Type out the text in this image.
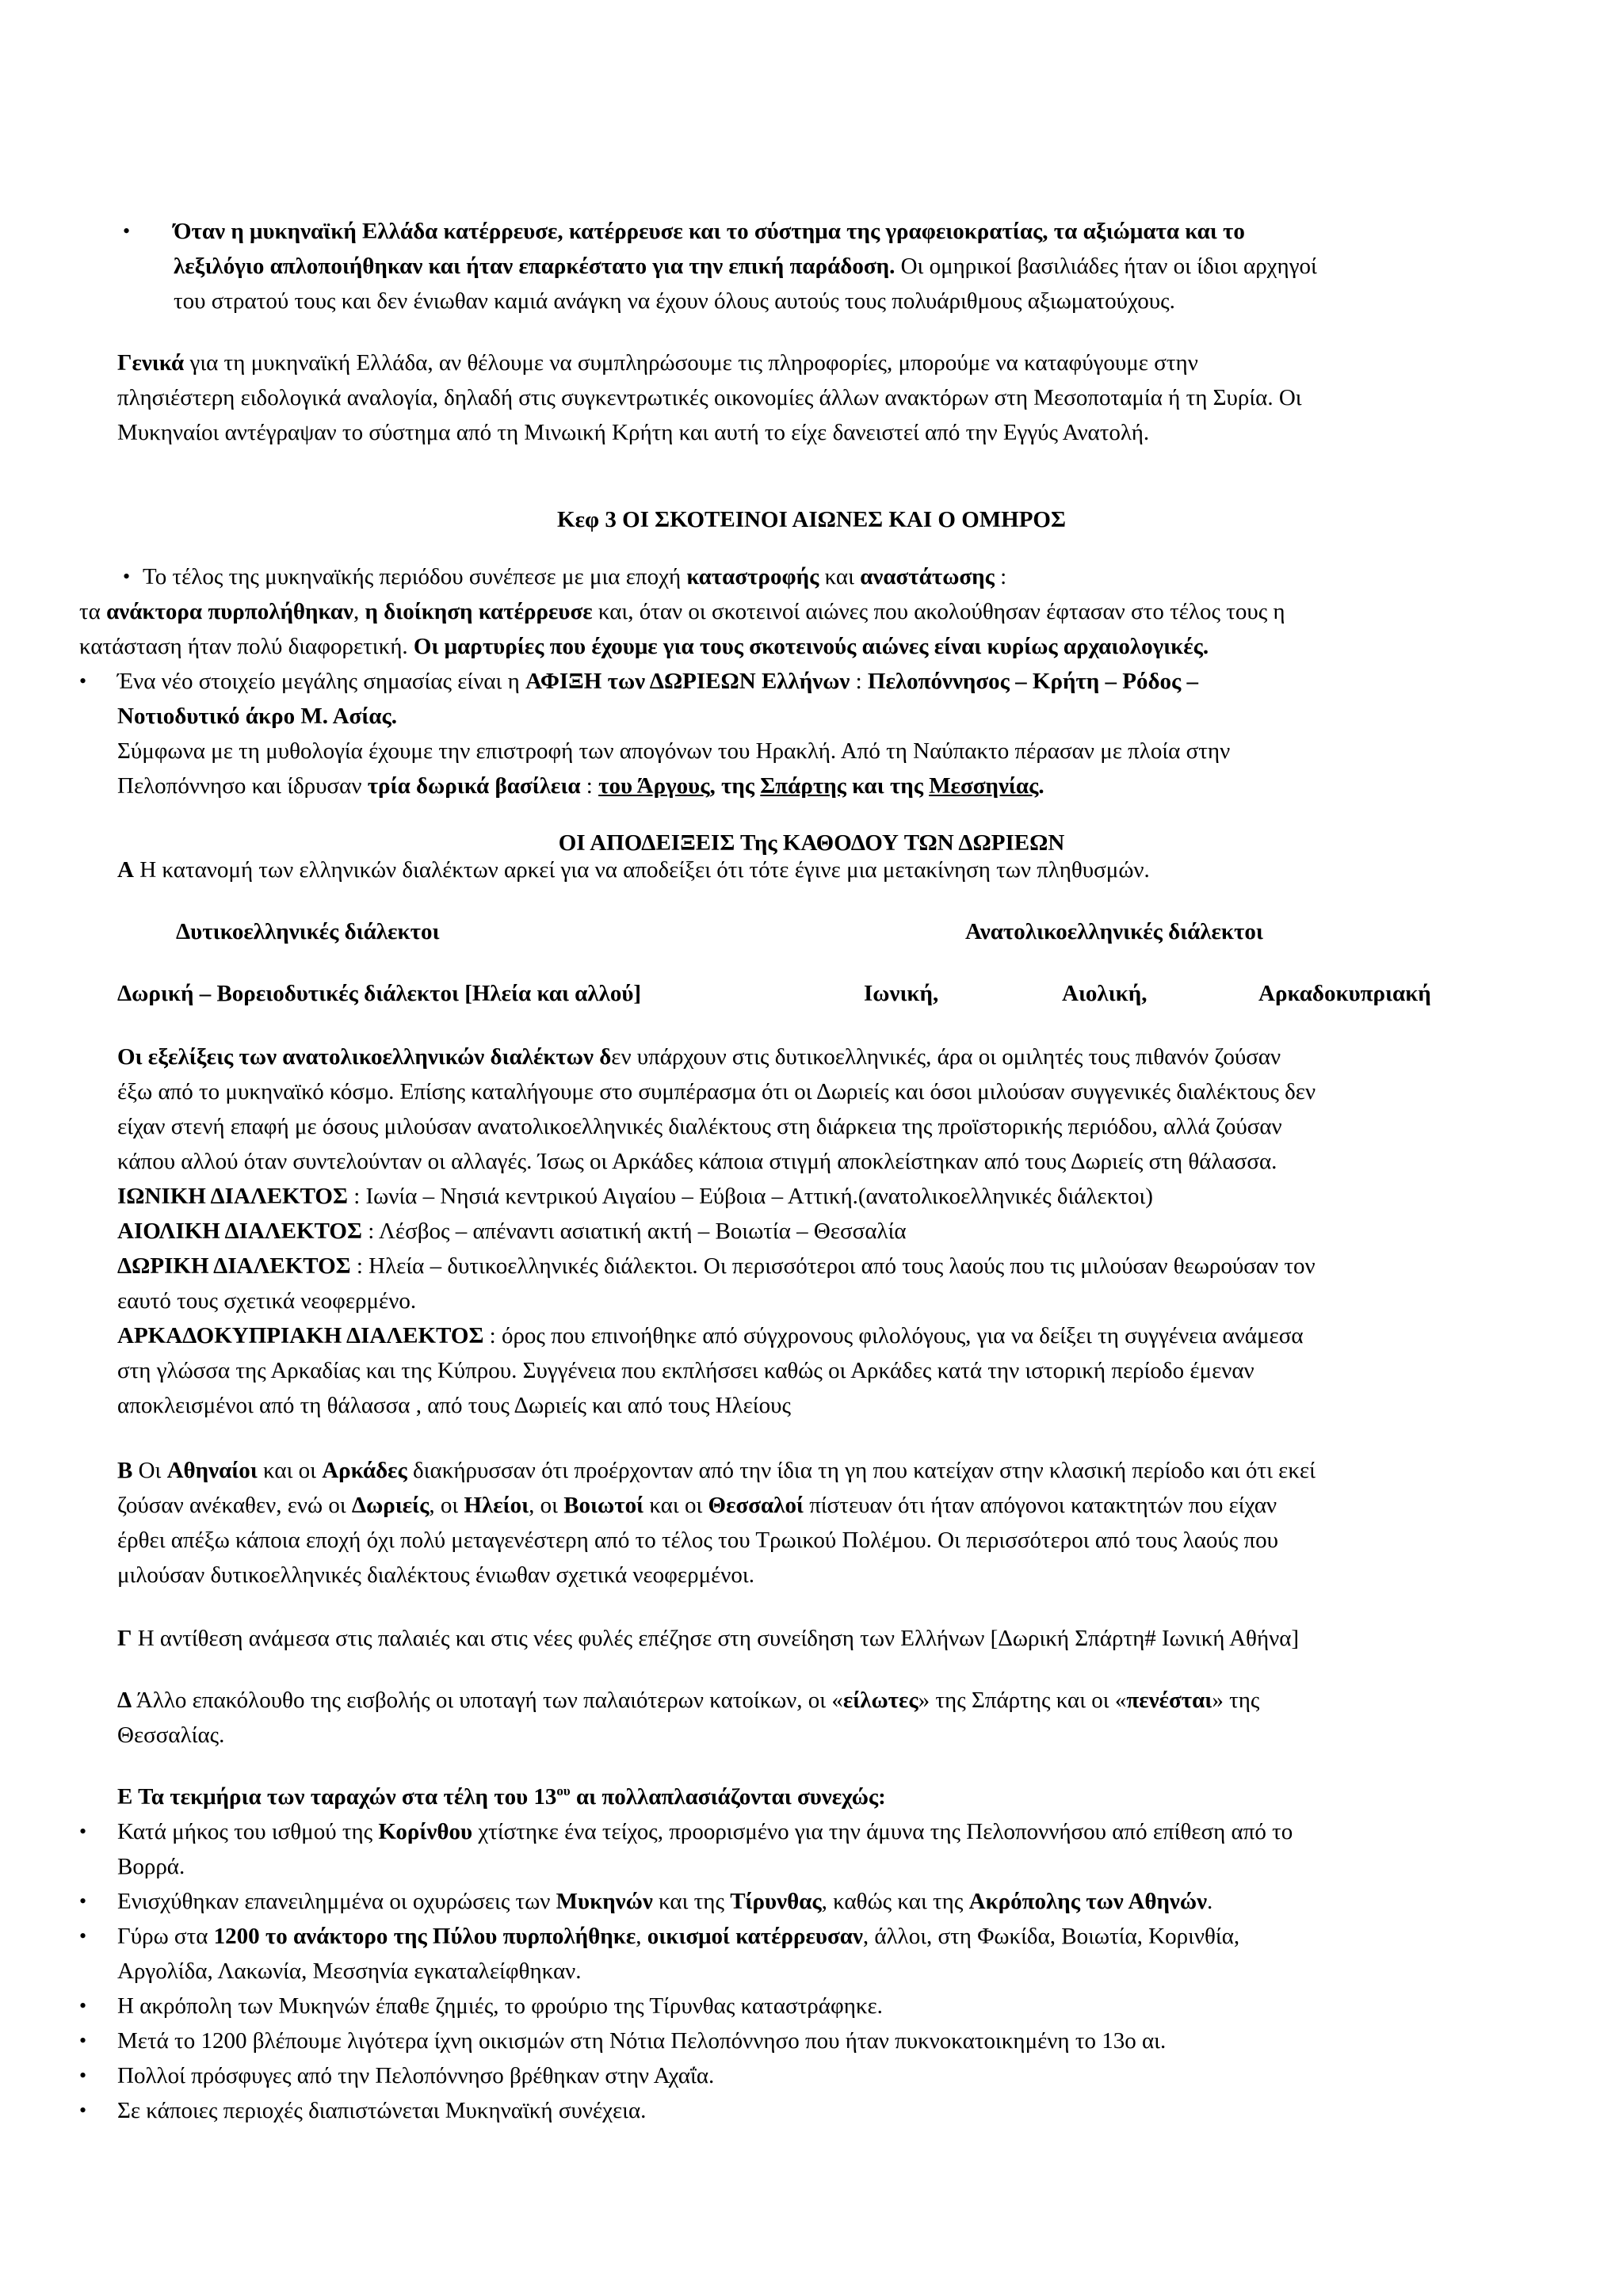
• Όταν η μυκηναϊκή Ελλάδα κατέρρευσε, κατέρρευσε και το σύστημα της γραφειοκρατίας, τα αξιώματα και το
λεξιλόγιο απλοποιήθηκαν και ήταν επαρκέστατο για την επική παράδοση. Οι ομηρικοί βασιλιάδες ήταν οι ίδιοι αρχηγοί
του στρατού τους και δεν ένιωθαν καμιά ανάγκη να έχουν όλους αυτούς τους πολυάριθμους αξιωματούχους.
Γενικά για τη μυκηναϊκή Ελλάδα, αν θέλουμε να συμπληρώσουμε τις πληροφορίες, μπορούμε να καταφύγουμε στην
πλησιέστερη ειδολογικά αναλογία, δηλαδή στις συγκεντρωτικές οικονομίες άλλων ανακτόρων στη Μεσοποταμία ή τη Συρία. Οι
Μυκηναίοι αντέγραψαν το σύστημα από τη Μινωική Κρήτη και αυτή το είχε δανειστεί από την Εγγύς Ανατολή.
Κεφ 3 ΟΙ ΣΚΟΤΕΙΝΟΙ ΑΙΩΝΕΣ ΚΑΙ Ο ΟΜΗΡΟΣ
• Το τέλος της μυκηναϊκής περιόδου συνέπεσε με μια εποχή καταστροφής και αναστάτωσης :
τα ανάκτορα πυρπολήθηκαν, η διοίκηση κατέρρευσε και, όταν οι σκοτεινοί αιώνες που ακολούθησαν έφτασαν στο τέλος τους η
κατάσταση ήταν πολύ διαφορετική. Οι μαρτυρίες που έχουμε για τους σκοτεινούς αιώνες είναι κυρίως αρχαιολογικές.
• Ένα νέο στοιχείο μεγάλης σημασίας είναι η ΑΦΙΞΗ των ΔΩΡΙΕΩΝ Ελλήνων : Πελοπόννησος – Κρήτη – Ρόδος –
Νοτιοδυτικό άκρο Μ. Ασίας.
Σύμφωνα με τη μυθολογία έχουμε την επιστροφή των απογόνων του Ηρακλή. Από τη Ναύπακτο πέρασαν με πλοία στην
Πελοπόννησο και ίδρυσαν τρία δωρικά βασίλεια : του Άργους, της Σπάρτης και της Μεσσηνίας.
ΟΙ ΑΠΟΔΕΙΞΕΙΣ Της ΚΑΘΟΔΟΥ ΤΩΝ ΔΩΡΙΕΩΝ
Α Η κατανομή των ελληνικών διαλέκτων αρκεί για να αποδείξει ότι τότε έγινε μια μετακίνηση των πληθυσμών.
Δυτικοελληνικές διάλεκτοι	Ανατολικοελληνικές διάλεκτοι
Δωρική – Βορειοδυτικές διάλεκτοι [Ηλεία και αλλού]	Ιωνική,	Αιολική,	Αρκαδοκυπριακή
Οι εξελίξεις των ανατολικοελληνικών διαλέκτων δεν υπάρχουν στις δυτικοελληνικές, άρα οι ομιλητές τους πιθανόν ζούσαν
έξω από το μυκηναϊκό κόσμο. Επίσης καταλήγουμε στο συμπέρασμα ότι οι Δωριείς και όσοι μιλούσαν συγγενικές διαλέκτους δεν
είχαν στενή επαφή με όσους μιλούσαν ανατολικοελληνικές διαλέκτους στη διάρκεια της προϊστορικής περιόδου, αλλά ζούσαν
κάπου αλλού όταν συντελούνταν οι αλλαγές. Ίσως οι Αρκάδες κάποια στιγμή αποκλείστηκαν από τους Δωριείς στη θάλασσα.
ΙΩΝΙΚΗ ΔΙΑΛΕΚΤΟΣ : Ιωνία – Νησιά κεντρικού Αιγαίου – Εύβοια – Αττική.(ανατολικοελληνικές διάλεκτοι)
ΑΙΟΛΙΚΗ ΔΙΑΛΕΚΤΟΣ : Λέσβος – απέναντι ασιατική ακτή – Βοιωτία – Θεσσαλία
ΔΩΡΙΚΗ ΔΙΑΛΕΚΤΟΣ : Ηλεία – δυτικοελληνικές διάλεκτοι. Οι περισσότεροι από τους λαούς που τις μιλούσαν θεωρούσαν τον
εαυτό τους σχετικά νεοφερμένο.
ΑΡΚΑΔΟΚΥΠΡΙΑΚΗ ΔΙΑΛΕΚΤΟΣ : όρος που επινοήθηκε από σύγχρονους φιλολόγους, για να δείξει τη συγγένεια ανάμεσα
στη γλώσσα της Αρκαδίας και της Κύπρου. Συγγένεια που εκπλήσσει καθώς οι Αρκάδες κατά την ιστορική περίοδο έμεναν
αποκλεισμένοι από τη θάλασσα , από τους Δωριείς και από τους Ηλείους
Β Οι Αθηναίοι και οι Αρκάδες διακήρυσσαν ότι προέρχονταν από την ίδια τη γη που κατείχαν στην κλασική περίοδο και ότι εκεί
ζούσαν ανέκαθεν, ενώ οι Δωριείς, οι Ηλείοι, οι Βοιωτοί και οι Θεσσαλοί πίστευαν ότι ήταν απόγονοι κατακτητών που είχαν
έρθει απέξω κάποια εποχή όχι πολύ μεταγενέστερη από το τέλος του Τρωικού Πολέμου. Οι περισσότεροι από τους λαούς που
μιλούσαν δυτικοελληνικές διαλέκτους ένιωθαν σχετικά νεοφερμένοι.
Γ Η αντίθεση ανάμεσα στις παλαιές και στις νέες φυλές επέζησε στη συνείδηση των Ελλήνων [Δωρική Σπάρτη# Ιωνική Αθήνα]
Δ Άλλο επακόλουθο της εισβολής οι υποταγή των παλαιότερων κατοίκων, οι «είλωτες» της Σπάρτης και οι «πενέσται» της
Θεσσαλίας.
Ε Τα τεκμήρια των ταραχών στα τέλη του $13^{o\upsilon}$ αι πολλαπλασιάζονται συνεχώς:
• Κατά μήκος του ισθμού της Κορίνθου χτίστηκε ένα τείχος, προορισμένο για την άμυνα της Πελοποννήσου από επίθεση από το
Βορρά.
• Ενισχύθηκαν επανειλημμένα οι οχυρώσεις των Μυκηνών και της Τίρυνθας, καθώς και της Ακρόπολης των Αθηνών.
• Γύρω στα 1200 το ανάκτορο της Πύλου πυρπολήθηκε, οικισμοί κατέρρευσαν, άλλοι, στη Φωκίδα, Βοιωτία, Κορινθία,
Αργολίδα, Λακωνία, Μεσσηνία εγκαταλείφθηκαν.
• Η ακρόπολη των Μυκηνών έπαθε ζημιές, το φρούριο της Τίρυνθας καταστράφηκε.
• Μετά το 1200 βλέπουμε λιγότερα ίχνη οικισμών στη Νότια Πελοπόννησο που ήταν πυκνοκατοικημένη το 13ο αι.
• Πολλοί πρόσφυγες από την Πελοπόννησο βρέθηκαν στην Αχαΐα.
• Σε κάποιες περιοχές διαπιστώνεται Μυκηναϊκή συνέχεια.
